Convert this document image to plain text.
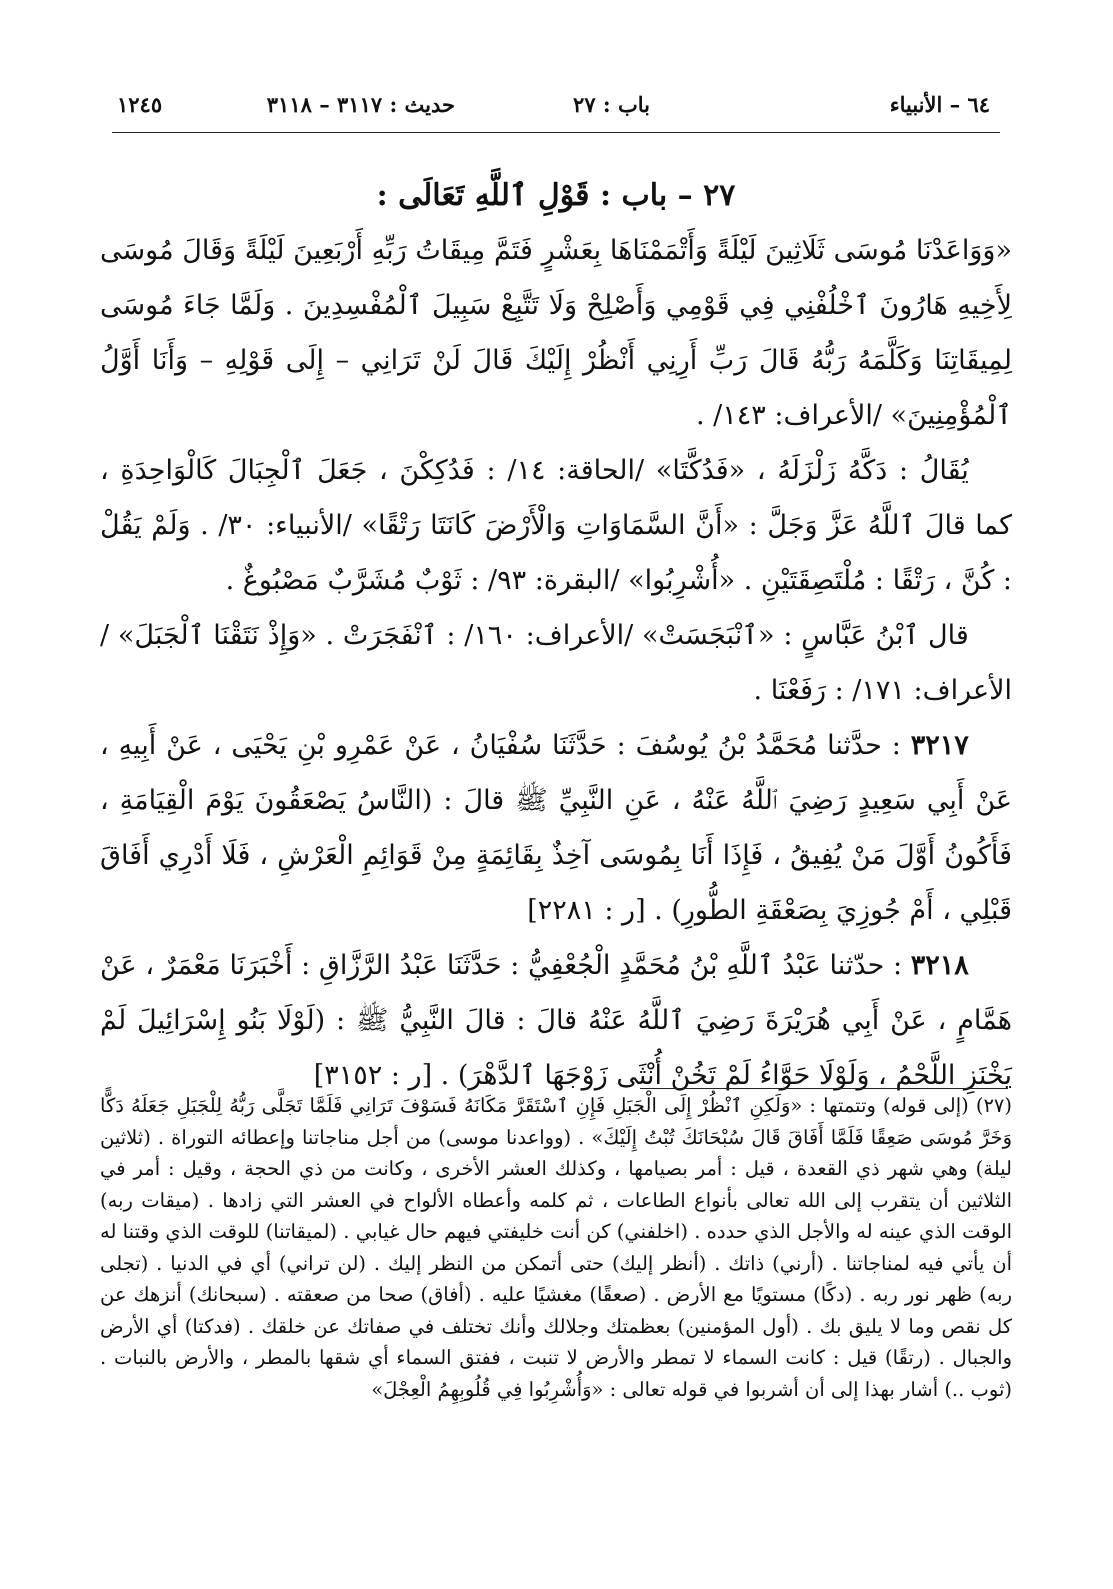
٦٤ – الأنبياء
باب : ٢٧
حديث : ٣١١٧ – ٣١١٨
١٢٤٥

٢٧ – باب : قَوْلِ ٱللَّهِ تَعَالَى :

«وَوَاعَدْنَا مُوسَى ثَلَاثِينَ لَيْلَةً وَأَتْمَمْنَاهَا بِعَشْرٍ فَتَمَّ مِيقَاتُ رَبِّهِ أَرْبَعِينَ لَيْلَةً وَقَالَ مُوسَى لِأَخِيهِ هَارُونَ ٱخْلُفْنِي فِي قَوْمِي وَأَصْلِحْ وَلَا تَتَّبِعْ سَبِيلَ ٱلْمُفْسِدِينَ . وَلَمَّا جَاءَ مُوسَى لِمِيقَاتِنَا وَكَلَّمَهُ رَبُّهُ قَالَ رَبِّ أَرِنِي أَنْظُرْ إِلَيْكَ قَالَ لَنْ تَرَانِي – إِلَى قَوْلِهِ – وَأَنَا أَوَّلُ ٱلْمُؤْمِنِينَ» /الأعراف: ١٤٣/ .

يُقَالُ : دَكَّهُ زَلْزَلَهُ ، «فَدُكَّتَا» /الحاقة: ١٤/ : فَدُكِكْنَ ، جَعَلَ ٱلْجِبَالَ كَالْوَاحِدَةِ ، كما قالَ ٱللَّهُ عَزَّ وَجَلَّ : «أَنَّ السَّمَاوَاتِ وَالْأَرْضَ كَانَتَا رَتْقًا» /الأنبياء: ٣٠/ . وَلَمْ يَقُلْ : كُنَّ ، رَتْقًا : مُلْتَصِقَتَيْنِ . «أُشْرِبُوا» /البقرة: ٩٣/ : ثَوْبٌ مُشَرَّبٌ مَصْبُوغٌ .

قال ٱبْنُ عَبَّاسٍ : «ٱنْبَجَسَتْ» /الأعراف: ١٦٠/ : ٱنْفَجَرَتْ . «وَإِذْ نَتَقْنَا ٱلْجَبَلَ» /الأعراف: ١٧١/ : رَفَعْنَا .

٣٢١٧ : حدَّثنا مُحَمَّدُ بْنُ يُوسُفَ : حَدَّثَنَا سُفْيَانُ ، عَنْ عَمْرِو بْنِ يَحْيَى ، عَنْ أَبِيهِ ، عَنْ أَبِي سَعِيدٍ رَضِيَ ٱللَّهُ عَنْهُ ، عَنِ النَّبِيِّ ﷺ قالَ : (النَّاسُ يَصْعَقُونَ يَوْمَ الْقِيَامَةِ ، فَأَكُونُ أَوَّلَ مَنْ يُفِيقُ ، فَإِذَا أَنَا بِمُوسَى آخِذٌ بِقَائِمَةٍ مِنْ قَوَائِمِ الْعَرْشِ ، فَلَا أَدْرِي أَفَاقَ قَبْلِي ، أَمْ جُوزِيَ بِصَعْقَةِ الطُّورِ) . [ر : ٢٢٨١]

٣٢١٨ : حدّثنا عَبْدُ ٱللَّهِ بْنُ مُحَمَّدٍ الْجُعْفِيُّ : حَدَّثَنَا عَبْدُ الرَّزَّاقِ : أَخْبَرَنَا مَعْمَرٌ ، عَنْ هَمَّامٍ ، عَنْ أَبِي هُرَيْرَةَ رَضِيَ ٱللَّهُ عَنْهُ قالَ : قالَ النَّبِيُّ ﷺ : (لَوْلَا بَنُو إِسْرَائِيلَ لَمْ يَخْنَزِ اللَّحْمُ ، وَلَوْلَا حَوَّاءُ لَمْ تَخُنْ أُنْثَى زَوْجَهَا ٱلدَّهْرَ) . [ر : ٣١٥٢]

(٢٧) (إلى قوله) وتتمتها : «وَلَكِنِ ٱنْظُرْ إِلَى الْجَبَلِ فَإِنِ ٱسْتَقَرَّ مَكَانَهُ فَسَوْفَ تَرَانِي فَلَمَّا تَجَلَّى رَبُّهُ لِلْجَبَلِ جَعَلَهُ دَكًّا وَخَرَّ مُوسَى صَعِقًا فَلَمَّا أَفَاقَ قَالَ سُبْحَانَكَ تُبْتُ إِلَيْكَ» . (وواعدنا موسى) من أجل مناجاتنا وإعطائه التوراة . (ثلاثين ليلة) وهي شهر ذي القعدة ، قيل : أمر بصيامها ، وكذلك العشر الأخرى ، وكانت من ذي الحجة ، وقيل : أمر في الثلاثين أن يتقرب إلى الله تعالى بأنواع الطاعات ، ثم كلمه وأعطاه الألواح في العشر التي زادها . (ميقات ربه) الوقت الذي عينه له والأجل الذي حدده . (اخلفني) كن أنت خليفتي فيهم حال غيابي . (لميقاتنا) للوقت الذي وقتنا له أن يأتي فيه لمناجاتنا . (أرني) ذاتك . (أنظر إليك) حتى أتمكن من النظر إليك . (لن تراني) أي في الدنيا . (تجلى ربه) ظهر نور ربه . (دكًا) مستويًا مع الأرض . (صعقًا) مغشيًا عليه . (أفاق) صحا من صعقته . (سبحانك) أنزهك عن كل نقص وما لا يليق بك . (أول المؤمنين) بعظمتك وجلالك وأنك تختلف في صفاتك عن خلقك . (فدكتا) أي الأرض والجبال . (رتقًا) قيل : كانت السماء لا تمطر والأرض لا تنبت ، ففتق السماء أي شقها بالمطر ، والأرض بالنبات . (ثوب ..) أشار بهذا إلى أن أشربوا في قوله تعالى : «وَأُشْرِبُوا فِي قُلُوبِهِمُ الْعِجْلَ»
